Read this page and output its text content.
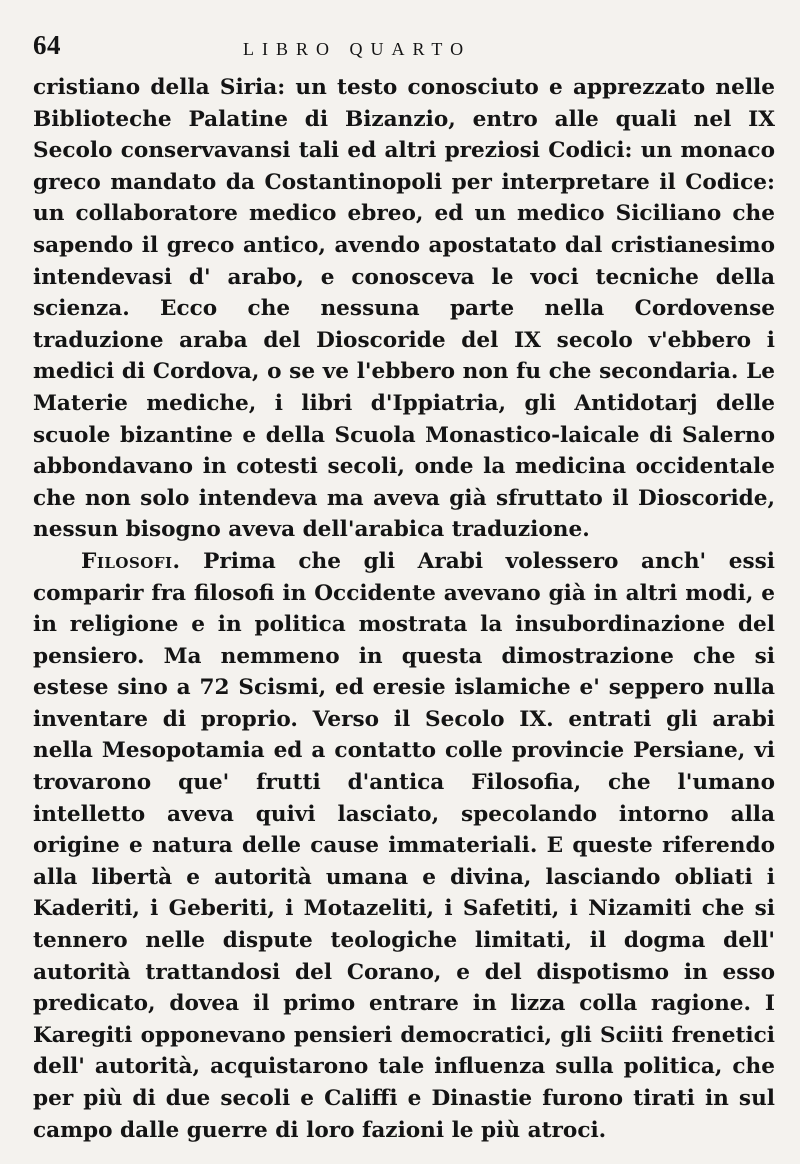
64	LIBRO QUARTO

cristiano della Siria: un testo conosciuto e apprezzato nelle Biblioteche Palatine di Bizanzio, entro alle quali nel IX Secolo conservavansi tali ed altri preziosi Codici: un monaco greco mandato da Costantinopoli per interpretare il Codice: un collaboratore medico ebreo, ed un medico Siciliano che sapendo il greco antico, avendo apostatato dal cristianesimo intendevasi d' arabo, e conosceva le voci tecniche della scienza. Ecco che nessuna parte nella Cordovense traduzione araba del Dioscoride del IX secolo v'ebbero i medici di Cordova, o se ve l'ebbero non fu che secondaria. Le Materie mediche, i libri d'Ippiatria, gli Antidotarj delle scuole bizantine e della Scuola Monastico-laicale di Salerno abbondavano in cotesti secoli, onde la medicina occidentale che non solo intendeva ma aveva già sfruttato il Dioscoride, nessun bisogno aveva dell'arabica traduzione.

Filosofi. Prima che gli Arabi volessero anch' essi comparir fra filosofi in Occidente avevano già in altri modi, e in religione e in politica mostrata la insubordinazione del pensiero. Ma nemmeno in questa dimostrazione che si estese sino a 72 Scismi, ed eresie islamiche e' seppero nulla inventare di proprio. Verso il Secolo IX. entrati gli arabi nella Mesopotamia ed a contatto colle provincie Persiane, vi trovarono que' frutti d'antica Filosofia, che l'umano intelletto aveva quivi lasciato, specolando intorno alla origine e natura delle cause immateriali. E queste riferendo alla libertà e autorità umana e divina, lasciando obliati i Kaderiti, i Geberiti, i Motazeliti, i Safetiti, i Nizamiti che si tennero nelle dispute teologiche limitati, il dogma dell' autorità trattandosi del Corano, e del dispotismo in esso predicato, dovea il primo entrare in lizza colla ragione. I Karegiti opponevano pensieri democratici, gli Sciiti frenetici dell' autorità, acquistarono tale influenza sulla politica, che per più di due secoli e Califfi e Dinastie furono tirati in sul campo dalle guerre di loro fazioni le più atroci.
